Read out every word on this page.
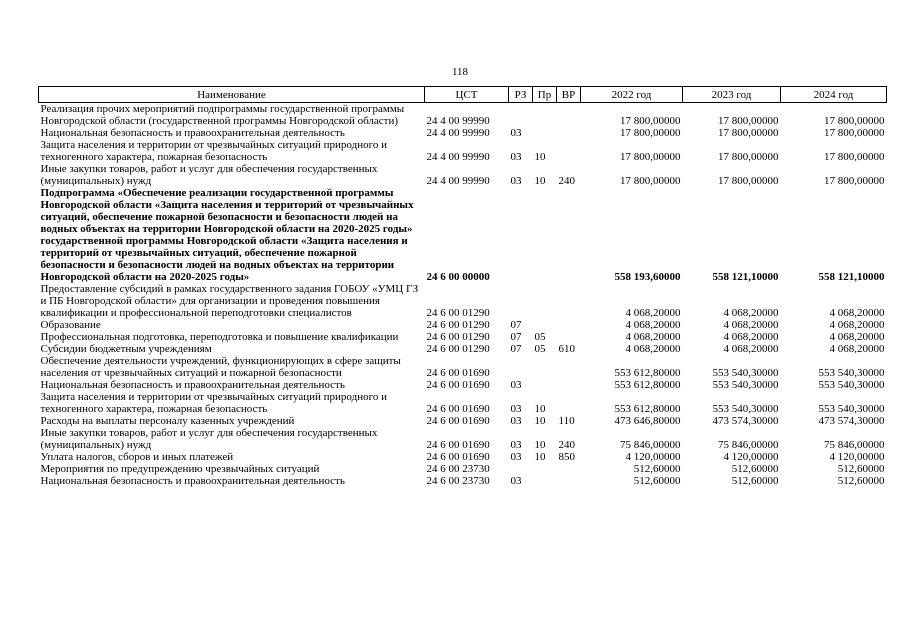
118
Наименование	ЦСТ	РЗ	Пр	ВР	2022 год	2023 год	2024 год
Реализация прочих мероприятий подпрограммы государственной программы Новгородской области (государственной программы Новгородской области)	24 4 00 99990				17 800,00000	17 800,00000	17 800,00000
Национальная безопасность и правоохранительная деятельность	24 4 00 99990	03			17 800,00000	17 800,00000	17 800,00000
Защита населения и территории от чрезвычайных ситуаций природного и техногенного характера, пожарная безопасность	24 4 00 99990	03	10		17 800,00000	17 800,00000	17 800,00000
Иные закупки товаров, работ и услуг для обеспечения государственных (муниципальных) нужд	24 4 00 99990	03	10	240	17 800,00000	17 800,00000	17 800,00000
Подпрограмма «Обеспечение реализации государственной программы Новгородской области «Защита населения и территорий от чрезвычайных ситуаций, обеспечение пожарной безопасности и безопасности людей на водных объектах на территории Новгородской области на 2020-2025 годы» государственной программы Новгородской области «Защита населения и территорий от чрезвычайных ситуаций, обеспечение пожарной безопасности и безопасности людей на водных объектах на территории Новгородской области на 2020-2025 годы»	24 6 00 00000				558 193,60000	558 121,10000	558 121,10000
Предоставление субсидий в рамках государственного задания ГОБОУ «УМЦ ГЗ и ПБ Новгородской области» для организации и проведения повышения квалификации и профессиональной переподготовки специалистов	24 6 00 01290				4 068,20000	4 068,20000	4 068,20000
Образование	24 6 00 01290	07			4 068,20000	4 068,20000	4 068,20000
Профессиональная подготовка, переподготовка и повышение квалификации	24 6 00 01290	07	05		4 068,20000	4 068,20000	4 068,20000
Субсидии бюджетным учреждениям	24 6 00 01290	07	05	610	4 068,20000	4 068,20000	4 068,20000
Обеспечение деятельности учреждений, функционирующих в сфере защиты населения от чрезвычайных ситуаций и пожарной безопасности	24 6 00 01690				553 612,80000	553 540,30000	553 540,30000
Национальная безопасность и правоохранительная деятельность	24 6 00 01690	03			553 612,80000	553 540,30000	553 540,30000
Защита населения и территории от чрезвычайных ситуаций природного и техногенного характера, пожарная безопасность	24 6 00 01690	03	10		553 612,80000	553 540,30000	553 540,30000
Расходы на выплаты персоналу казенных учреждений	24 6 00 01690	03	10	110	473 646,80000	473 574,30000	473 574,30000
Иные закупки товаров, работ и услуг для обеспечения государственных (муниципальных) нужд	24 6 00 01690	03	10	240	75 846,00000	75 846,00000	75 846,00000
Уплата налогов, сборов и иных платежей	24 6 00 01690	03	10	850	4 120,00000	4 120,00000	4 120,00000
Мероприятия по предупреждению чрезвычайных ситуаций	24 6 00 23730				512,60000	512,60000	512,60000
Национальная безопасность и правоохранительная деятельность	24 6 00 23730	03			512,60000	512,60000	512,60000
